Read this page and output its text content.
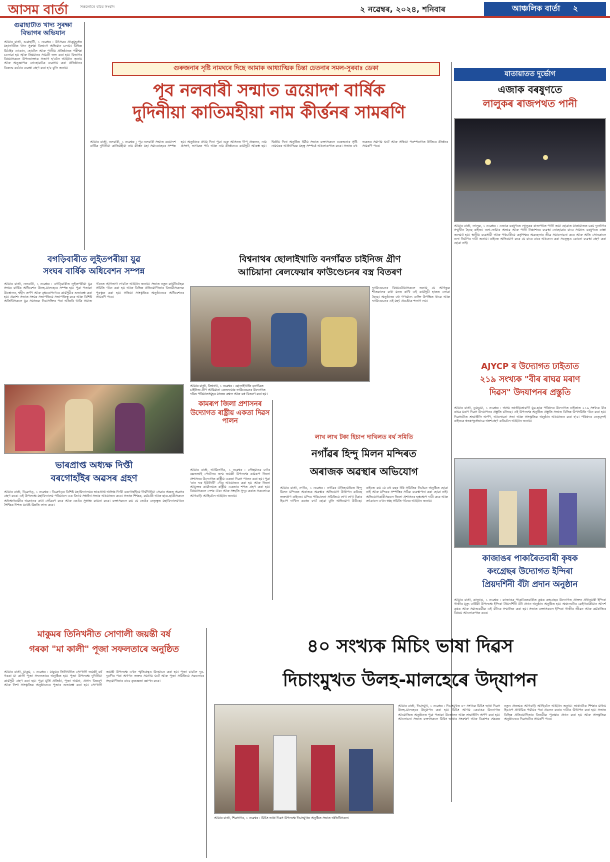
আসম বাৰ্তা	সকলোৰে বাবে সংবাদ	২ নৱেম্বৰ, ২০২৪, শনিবাৰ	আঞ্চলিক বাৰ্তা ২
গুৱাহাটীত খাদ্য সুৰক্ষা বিভাগৰ অভিযান
আমাৰ বাৰ্তা, গুৱাহাটী, ১ নৱেম্বৰ : উৎসৱৰ প্ৰাক্‌মুহূৰ্তত মহানগৰীত খাদ্য সুৰক্ষা বিভাগে অভিযান চলায়। বিভিন্ন মিঠাইৰ দোকান, হোটেল আৰু পানীয় প্ৰতিষ্ঠানত পৰীক্ষা চলোৱা হয় আৰু নিম্নমানৰ সামগ্ৰী জব্দ কৰা হয়। বিভাগৰ বিষয়াসকলে উপভোক্তাক সজাগ হ'বলৈ আহ্বান জনায় আৰু অনুজ্ঞাপত্ৰ নোহোৱাকৈ ব্যৱসায় কৰা প্ৰতিষ্ঠানৰ বিৰুদ্ধে কঠোৰ ব্যৱস্থা গ্ৰহণ কৰা হ'ব বুলি জনায়।	গুৰুজনাৰ সৃষ্টি নামঘৰে দিছে আমাক আধ্যাত্মিক চিন্তা চেতনাৰ সমল-সুৰবাঃ ডেকা
পূব নলবাৰী সন্মাত ত্ৰয়োদশ বাৰ্ষিক
দুদিনীয়া কাতিমহীয়া নাম কীৰ্ত্তনৰ সামৰণি
আমাৰ বাৰ্তা, নলবাৰী, ১ নৱেম্বৰ : পূব নলবাৰী সন্মাত ত্ৰয়োদশ বাৰ্ষিক দুদিনীয়া কাতিমহীয়া নাম কীৰ্ত্তন মহা সমাৰোহেৰে সম্পন্ন হয়। অনুষ্ঠানৰ প্ৰথম দিনা পুৱা গুৰু আসনত দীপ প্ৰজ্বলন, নাম প্ৰসংগ, ভাগৱত পাঠ আৰু নাম কীৰ্ত্তনেৰে কাৰ্যসূচী আৰম্ভ হয়। দ্বিতীয় দিনা অনুষ্ঠিত ধৰ্মীয় সভাত বক্তাসকলে গুৰুজনাৰ সৃষ্টি নামঘৰৰ আধ্যাত্মিক মহত্ব সম্পৰ্কে আলোকপাত কৰে। সভাত বহু ভকতৰ সমাগম ঘটে আৰু সন্ধিয়া পৰম্পৰাগত ৰীতিৰে কীৰ্ত্তনৰ সামৰণি পৰে।
যাতায়াতত দুৰ্ভোগ
এজাক বৰষুণতে
লালুকৰ ৰাজপথত পানী
আমাৰ বাৰ্তা, লালুক, ১ নৱেম্বৰ : এজাক বৰষুণতে লালুকৰ ৰাজপথত পানী জমা হোৱাত যাতায়াতত চৰম দুৰ্ভোগৰ সন্মুখীন হৈছে ৰাইজ। নলা-নৰ্দমাৰ অভাৱ আৰু পানী নিষ্কাশনৰ ব্যৱস্থা নোহোৱাৰ বাবে সামান্য বৰষুণতে ৰাস্তা জলমগ্ন হয়। স্থানীয় ব্যৱসায়ী আৰু পথচাৰীয়ে কৰ্তৃপক্ষৰ অৱহেলাৰ তীব্ৰ সমালোচনা কৰে আৰু অতি সোনকালে নলা নিৰ্মাণৰ দাবী জনায়। ৰাইজে অভিযোগ কৰে যে বাৰে বাৰে আবেদন কৰা সত্ত্বেও কোনো ব্যৱস্থা গ্ৰহণ কৰা হোৱা নাই।
বগড়িবাৰীত লুইতপৰীয়া যুৱ
সংঘৰ বাৰ্ষিক অধিবেশন সম্পন্ন
আমাৰ বাৰ্তা, নলবাৰী, ১ নৱেম্বৰ : বগড়িবাৰীত লুইতপৰীয়া যুৱ সংঘৰ বাৰ্ষিক অধিবেশন উলহ-মালহেৰে সম্পন্ন হয়। পুৱা পতাকা উত্তোলন, শ্বহীদ তৰ্পণ আৰু বৃক্ষৰোপণেৰে কাৰ্যসূচীৰ শুভাৰম্ভ কৰা হয়। প্ৰকাশ্য সভাত সংঘৰ সভাপতিয়ে সভাপতিত্ব কৰে আৰু বিশিষ্ট অতিথিসকলে যুৱ সমাজক নিচাসক্তিৰ পৰা আঁতৰি থাকি সমাজ গঠনত আগভাগ ল'বলৈ আহ্বান জনায়। সভাত নতুন কাৰ্যনিৰ্বাহক সমিতি গঠন কৰা হয় আৰু বিভিন্ন প্ৰতিযোগিতাৰ বিজয়ীসকলক পুৰস্কৃত কৰা হয়। সন্ধিয়া সাংস্কৃতিক অনুষ্ঠানেৰে অধিবেশনৰ সামৰণি পৰে।
বিশ্বনাথৰ ছোলাইখাতি বনগাঁৱত চাইনিজ গ্ৰীণ
আচিয়ানা ৰেলফেয়াৰ ফাউণ্ডেচনৰ বস্ত্ৰ বিতৰণ
ফাউণ্ডেচনৰ বিষয়ববীয়াসকলে জনায় যে আগন্তুক শীতকালৰ কথা মনত ৰাখি এই কাৰ্যসূচী হাতত লোৱা হৈছে। অনুষ্ঠানত বহু গণ্যমান্য ব্যক্তি উপস্থিত থাকে আৰু ফাউণ্ডেচনৰ এই মহৎ প্ৰচেষ্টাক শলাগ লয়।
আমাৰ বাৰ্তা, বিশ্বনাথ, ১ নৱেম্বৰ : ছোলাইখাতি বনগাঁৱত চাইনিজ গ্ৰীণ আচিয়ানা ৰেলফেয়াৰ ফাউণ্ডেচনৰ উদ্যোগত দৰিদ্ৰ পৰিয়ালসমূহৰ মাজত কম্বল আৰু বস্ত্ৰ বিতৰণ কৰা হয়।
কামৰূপ জিলা প্ৰশাসনৰ উদ্যোগত ৰাষ্ট্ৰীয় একতা দিৱস পালন
আমাৰ বাৰ্তা, আমিনগাঁও, ১ নৱেম্বৰ : লৌহমানৱ চৰ্দাৰ বল্লভভাই পেটেলৰ জন্ম জয়ন্তী উপলক্ষে কামৰূপ জিলা প্ৰশাসনৰ উদ্যোগত ৰাষ্ট্ৰীয় একতা দিৱস পালন কৰা হয়। পুৱা 'ৰান ফৰ ইউনিটি' দৌৰ আয়োজন কৰা হয় আৰু জিলা আয়ুক্তৰ কাৰ্যালয়ত ৰাষ্ট্ৰীয় একতাৰ শপত গ্ৰহণ কৰা হয়। বিষয়াসকলে দেশৰ ঐক্য আৰু সংহতি সুদৃঢ় কৰাত সকলোকে আগবাঢ়ি আহিবলৈ আহ্বান জনায়।
ভাৰপ্ৰাপ্ত অধ্যক্ষ দিপ্তী
বৰগোহাঁইৰ অৱসৰ গ্ৰহণ
আমাৰ বাৰ্তা, ডিব্ৰুগড়, ১ নৱেম্বৰ : ডিব্ৰুগড়ৰ বিশিষ্ট মহাবিদ্যালয়ৰ ভাৰপ্ৰাপ্ত অধ্যক্ষ দিপ্তী বৰগোহাঁইয়ে দীৰ্ঘদিনীয়া সেৱাৰ অন্তত অৱসৰ গ্ৰহণ কৰে। এই উপলক্ষে মহাবিদ্যালয় পৰিয়ালে এক বিদায় সম্বৰ্ধনা সভাৰ আয়োজন কৰে। সভাত শিক্ষক, কৰ্মচাৰী আৰু ছাত্ৰ-ছাত্ৰীসকলে অধ্যক্ষগৰাকীৰ অৱদানৰ কথা সোঁৱৰণ কৰে আৰু তেওঁৰ সুস্বাস্থ্য কামনা কৰে। বক্তাসকলে কয় যে তেওঁৰ নেতৃত্বত মহাবিদ্যালয়খনে শৈক্ষিক দিশত যথেষ্ট উন্নতি লাভ কৰে।
লাখ লাখ টকা হিচাপ দাখিলত বৰ্থ সমিতি
নগাঁৱৰ হিন্দু মিলন মন্দিৰত
অৰাজক অৱস্থাৰ অভিযোগ
আমাৰ বাৰ্তা, নগাঁও, ১ নৱেম্বৰ : নগাঁৱৰ ঐতিহ্যমণ্ডিত হিন্দু মিলন মন্দিৰত অৰাজক অৱস্থাৰ অভিযোগ উত্থাপন কৰিছে ভক্তপ্ৰাণ ৰাইজে। মন্দিৰ পৰিচালনা সমিতিয়ে লাখ লাখ টকাৰ হিচাপ দাখিল কৰাত ব্যৰ্থ হোৱা বুলি অভিযোগ উঠিছে। ৰাইজে কয় যে বহু বছৰ ধৰি সমিতিৰ নিৰ্বাচন অনুষ্ঠিত হোৱা নাই আৰু মন্দিৰৰ সম্পত্তিৰ সঠিক ব্যৱস্থাপনা কৰা হোৱা নাই। অভিযোগকাৰীসকলে জিলা প্ৰশাসনৰ হস্তক্ষেপ দাবী কৰে আৰু তৎকালে এখন স্বচ্ছ সমিতি গঠনৰ আহ্বান জনায়।
AJYCP ৰ উদ্যোগত ঢাইতাত
২১৯ সংখ্যক "বীৰ ৰাঘৱ মৰাণ
দিৱস" উদযাপনৰ প্ৰস্তুতি
আমাৰ বাৰ্তা, ডুমডুমা, ১ নৱেম্বৰ : অসম জাতীয়তাবাদী যুৱ-ছাত্ৰ পৰিষদৰ উদ্যোগত ঢাইতাত ২১৯ সংখ্যক বীৰ ৰাঘৱ মৰাণ দিৱস উদযাপনৰ প্ৰস্তুতি চলিছে। এই উপলক্ষে অনুষ্ঠিত প্ৰস্তুতি সভাত বিভিন্ন উপসমিতি গঠন কৰা হয়। দিৱসটোত শ্ৰদ্ধাঞ্জলি অৰ্পণ, আলোচনা সভা আৰু সাংস্কৃতিক অনুষ্ঠান আয়োজন কৰা হ'ব। পৰিষদৰ নেতৃবৃন্দই ৰাইজক স্বতঃস্ফূৰ্তভাৱে অংশগ্ৰহণ কৰিবলৈ আহ্বান জনায়।
কাজাঙৰ পাকাৰৈতবাৰী কৃষক
কংগ্ৰেছৰ উদ্যোগত ইন্দিৰা
প্ৰিয়দৰ্শিনী বঁটা প্ৰদান অনুষ্ঠান
আমাৰ বাৰ্তা, কাজাঙ, ১ নৱেম্বৰ : কাজাঙৰ পাকাৰৈতবাৰীত কৃষক কংগ্ৰেছৰ উদ্যোগত প্ৰাক্তন প্ৰধানমন্ত্ৰী ইন্দিৰা গান্ধীৰ মৃত্যু বাৰ্ষিকী উপলক্ষে ইন্দিৰা প্ৰিয়দৰ্শিনী বঁটা প্ৰদান অনুষ্ঠান অনুষ্ঠিত হয়। অঞ্চলটোৰ কেইগৰাকীমান আদৰ্শ কৃষক আৰু সমাজকৰ্মীক এই বঁটাৰে সন্মানিত কৰা হয়। সভাত বক্তাসকলে ইন্দিৰা গান্ধীৰ জীৱন আৰু কৰ্মৰাজিৰ বিষয়ে আলোকপাত কৰে।
মাকুমৰ তিনিখনীত সোণালী জয়ন্তী বৰ্ষ
গৰকা "মা কালী" পূজা সফলতাৰে অনুষ্ঠিত
আমাৰ বাৰ্তা, মাকুম, ১ নৱেম্বৰ : মাকুমৰ তিনিখনীত সোণালী জয়ন্তী বৰ্ষ গৰকা মা কালী পূজা সফলতাৰে অনুষ্ঠিত হয়। পূজা উপলক্ষে দুদিনীয়া কাৰ্যসূচী গ্ৰহণ কৰা হয়। পুৱা মূৰ্তি প্ৰতিষ্ঠা, পূজা অৰ্চনা, প্ৰসাদ বিতৰণ আৰু নিশা সাংস্কৃতিক অনুষ্ঠানেৰে পূজাৰ শুভাৰম্ভ কৰা হয়। সোণালী জয়ন্তী উপলক্ষে এখন স্মৃতিগ্ৰন্থও উন্মোচন কৰা হয়। পূজা চাবলৈ দূৰ-দূৰণিৰ পৰা অগণন ভক্তৰ সমাগম ঘটে আৰু পূজা সমিতিয়ে সকলোৰে সহযোগিতাৰ বাবে কৃতজ্ঞতা জ্ঞাপন কৰে।
৪০ সংখ্যক মিচিং ভাষা দিৱস
দিচাংমুখত উলহ-মালহেৰে উদ্‌যাপন
আমাৰ বাৰ্তা, শিৱসাগৰ, ১ নৱেম্বৰ : মিচিং ভাষা দিৱস উপলক্ষে দিচাংমুখত অনুষ্ঠিত সভাত অতিথিসকল।
আমাৰ বাৰ্তা, দিচাংমুখ, ১ নৱেম্বৰ : দিচাংমুখত ৪০ সংখ্যক মিচিং ভাষা দিৱস উলহ-মালহেৰে উদ্‌যাপন কৰা হয়। মিচিং আগম কেবাঙৰ উদ্যোগত আয়োজিত অনুষ্ঠানত পুৱা পতাকা উত্তোলন আৰু শ্ৰদ্ধাঞ্জলি অৰ্পণ কৰা হয়। আলোচনা সভাত বক্তাসকলে মিচিং ভাষাৰ সংৰক্ষণ আৰু বিকাশৰ ক্ষেত্ৰত নতুন প্ৰজন্মক আগবাঢ়ি আহিবলৈ আহ্বান জনায়। ভাষাটোক শিক্ষাৰ মাধ্যম হিচাপে প্ৰাথমিক পৰ্যায়ৰ পৰা প্ৰচলন কৰাৰ দাবীও উত্থাপন কৰা হয়। সভাত বিভিন্ন প্ৰতিযোগিতাৰ বিজয়ীক পুৰস্কাৰ প্ৰদান কৰা হয় আৰু সাংস্কৃতিক অনুষ্ঠানেৰে দিৱসটোৰ সামৰণি পৰে।
